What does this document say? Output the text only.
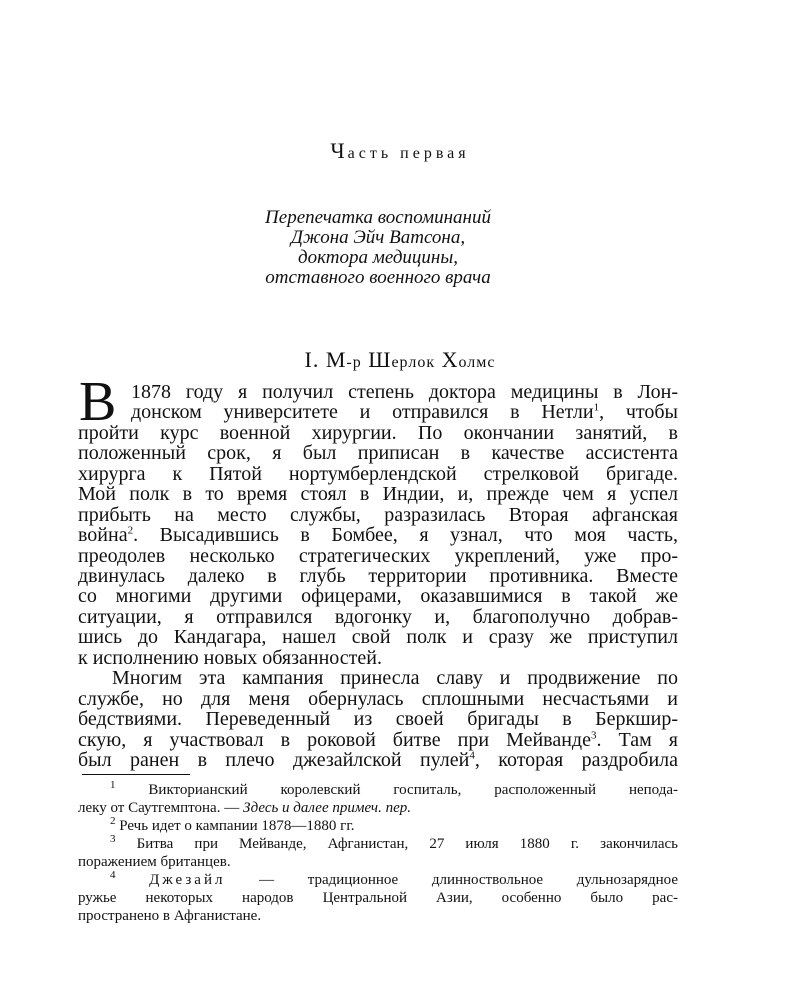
Часть первая
Перепечатка воспоминаний
Джона Эйч Ватсона,
доктора медицины,
отставного военного врача
I. М-р Шерлок Холмс
В 1878 году я получил степень доктора медицины в Лон-
донском университете и отправился в Нетли$^1$, чтобы
пройти курс военной хирургии. По окончании занятий, в
положенный срок, я был приписан в качестве ассистента
хирурга к Пятой нортумберлендской стрелковой бригаде.
Мой полк в то время стоял в Индии, и, прежде чем я успел
прибыть на место службы, разразилась Вторая афганская
война$^2$. Высадившись в Бомбее, я узнал, что моя часть,
преодолев несколько стратегических укреплений, уже про-
двинулась далеко в глубь территории противника. Вместе
со многими другими офицерами, оказавшимися в такой же
ситуации, я отправился вдогонку и, благополучно добрав-
шись до Кандагара, нашел свой полк и сразу же приступил
к исполнению новых обязанностей.
Многим эта кампания принесла славу и продвижение по
службе, но для меня обернулась сплошными несчастьями и
бедствиями. Переведенный из своей бригады в Беркшир-
$^1$ Викторианский королевский госпиталь, расположенный непода-
леку от Саутгемптона. — Здесь и далее примеч. пер.
$^2$ Речь идет о кампании 1878—1880 гг.
$^3$ Битва при Мейванде, Афганистан, 27 июля 1880 г. закончилась
поражением британцев.
$^4$ Джезайл — традиционное длинноствольное дульнозарядное
ружье некоторых народов Центральной Азии, особенно было рас-
пространено в Афганистане.
скую, я участвовал в роковой битве при Мейванде$^3$. Там я
был ранен в плечо джезайлской пулей$^4$, которая раздробила
